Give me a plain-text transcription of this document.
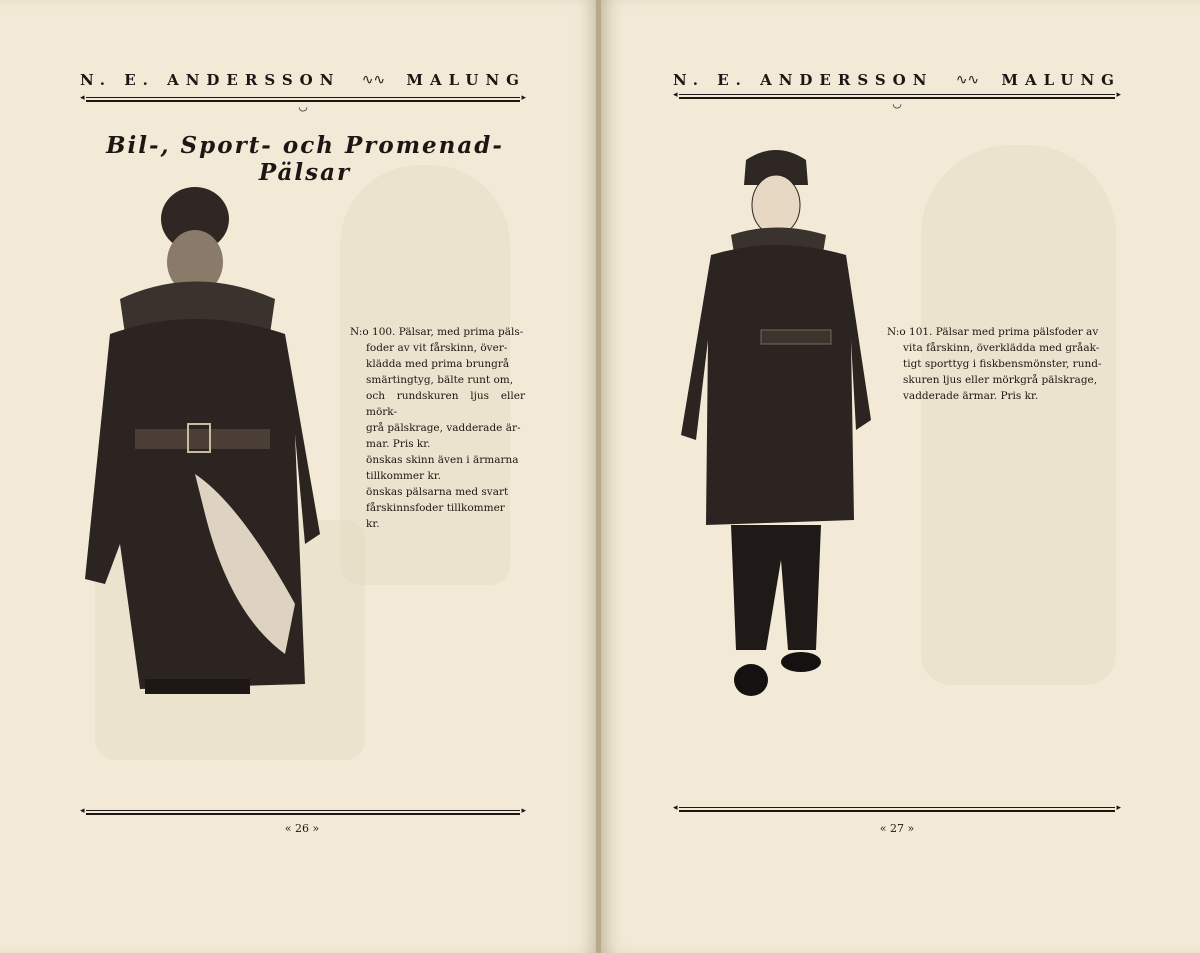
N. E. ANDERSSON ∿∿ MALUNG
◂	▸
◡
Bil-, Sport- och Promenad-Pälsar

N:o 100. Pälsar, med prima päls-

foder av vit fårskinn, över-

klädda med prima brungrå

smärtingtyg, bälte runt om,

och rundskuren ljus eller mörk-

grå pälskrage, vadderade är-

mar. Pris kr.

önskas skinn även i ärmarna

tillkommer kr.

önskas pälsarna med svart

fårskinnsfoder tillkommer

kr.

◂	▸
« 26 »
N. E. ANDERSSON ∿∿ MALUNG
◂	▸
◡

N:o 101. Pälsar med prima pälsfoder av

vita fårskinn, överklädda med gråak-

tigt sporttyg i fiskbensmönster, rund-

skuren ljus eller mörkgrå pälskrage,

vadderade ärmar. Pris kr.

◂	▸
« 27 »
